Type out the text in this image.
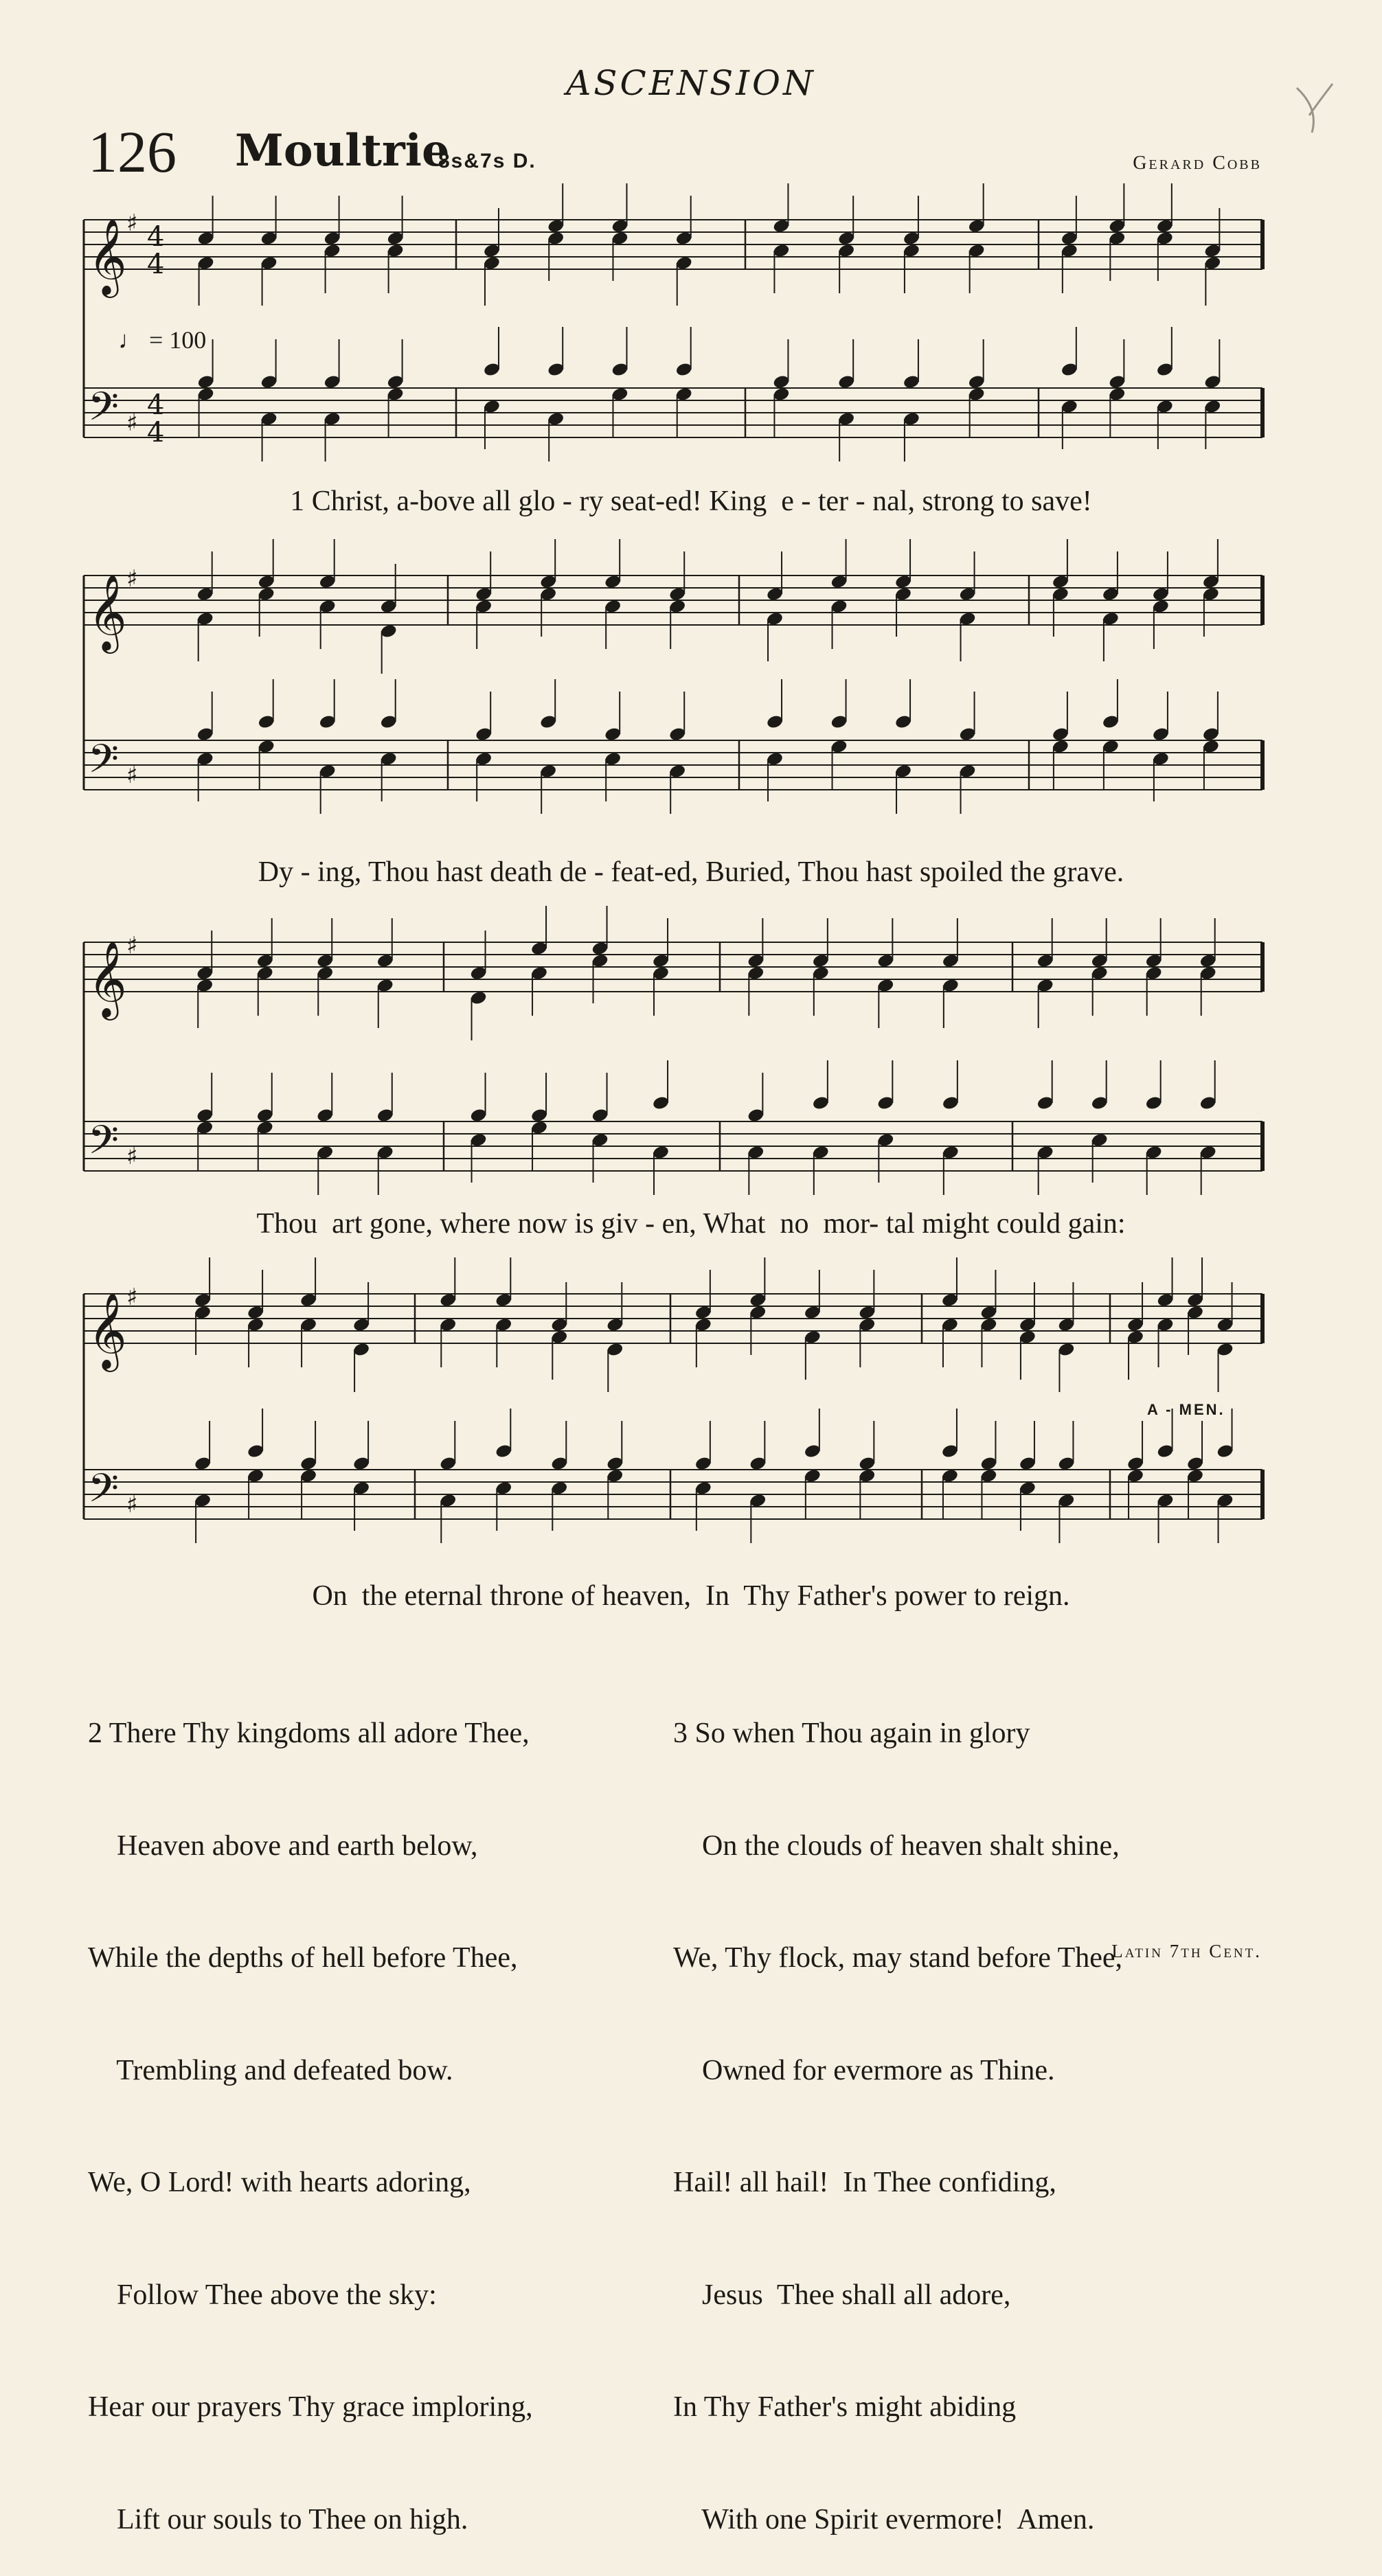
ASCENSION
126 Moultrie
8s&7s D.	Gerard Cobb
𝄞
𝄢
♯
♯
4
4
4
4
𝄞
𝄢
♯
♯
𝄞
𝄢
♯
♯
𝄞
𝄢
♯
♯
♩ = 100
1 Christ, a-bove all glo - ry seat-ed! King  e - ter - nal, strong to save!
Dy - ing, Thou hast death de - feat-ed, Buried, Thou hast spoiled the grave.
Thou  art gone, where now is giv - en, What  no  mor- tal might could gain:
On  the eternal throne of heaven,  In  Thy Father's power to reign.
A - MEN.

2 There Thy kingdoms all adore Thee,

Heaven above and earth below,

While the depths of hell before Thee,

Trembling and defeated bow.

We, O Lord! with hearts adoring,

Follow Thee above the sky:

Hear our prayers Thy grace imploring,

Lift our souls to Thee on high.

3 So when Thou again in glory

On the clouds of heaven shalt shine,

We, Thy flock, may stand before Thee,

Owned for evermore as Thine.

Hail! all hail!  In Thee confiding,

Jesus  Thee shall all adore,

In Thy Father's might abiding

With one Spirit evermore!  Amen.

Latin 7th Cent.
